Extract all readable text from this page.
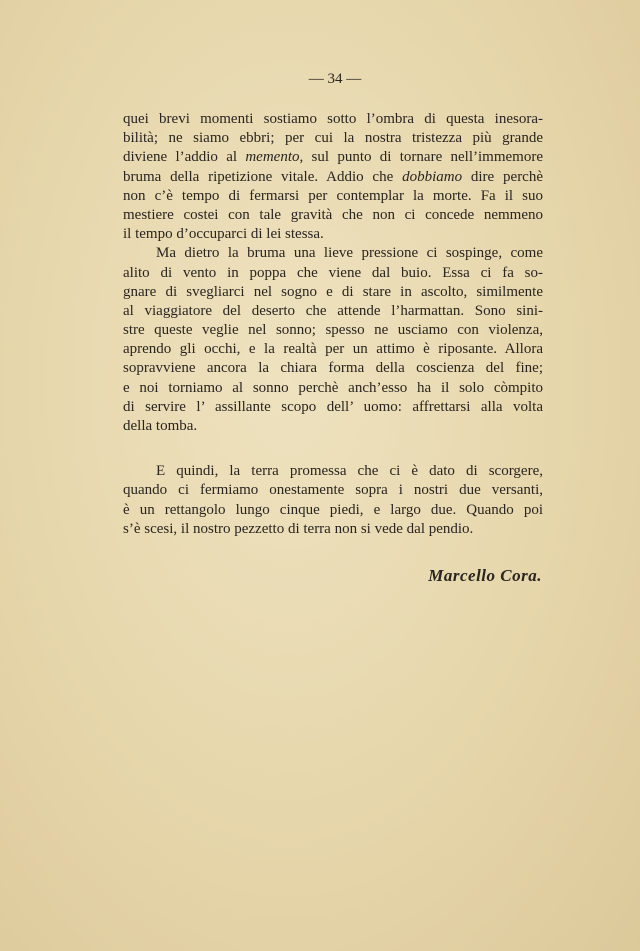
— 34 —
quei brevi momenti sostiamo sotto l’ombra di questa inesora-
bilità; ne siamo ebbri; per cui la nostra tristezza più grande
diviene l’addio al memento, sul punto di tornare nell’immemore
bruma della ripetizione vitale. Addio che dobbiamo dire perchè
non c’è tempo di fermarsi per contemplar la morte. Fa il suo
mestiere costei con tale gravità che non ci concede nemmeno
il tempo d’occuparci di lei stessa.
Ma dietro la bruma una lieve pressione ci sospinge, come
alito di vento in poppa che viene dal buio. Essa ci fa so-
gnare di svegliarci nel sogno e di stare in ascolto, similmente
al viaggiatore del deserto che attende l’harmattan. Sono sini-
stre queste veglie nel sonno; spesso ne usciamo con violenza,
aprendo gli occhi, e la realtà per un attimo è riposante. Allora
sopravviene ancora la chiara forma della coscienza del fine;
e noi torniamo al sonno perchè anch’esso ha il solo còmpito
di servire l’ assillante scopo dell’ uomo: affrettarsi alla volta
della tomba.
E quindi, la terra promessa che ci è dato di scorgere,
quando ci fermiamo onestamente sopra i nostri due versanti,
è un rettangolo lungo cinque piedi, e largo due. Quando poi
s’è scesi, il nostro pezzetto di terra non si vede dal pendio.
Marcello Cora.
